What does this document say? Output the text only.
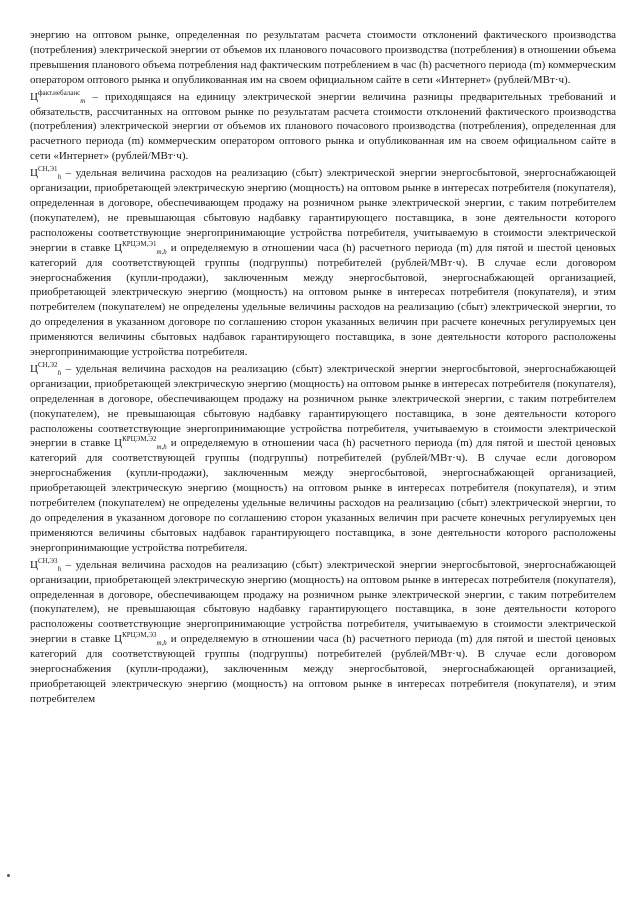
энергию на оптовом рынке, определенная по результатам расчета стоимости отклонений фактического производства (потребления) электрической энергии от объемов их планового почасового производства (потребления) в отношении объема превышения планового объема потребления над фактическим потреблением в час (h) расчетного периода (m) коммерческим оператором оптового рынка и опубликованная им на своем официальном сайте в сети «Интернет» (рублей/МВт·ч).

$Ц^{факт.небаланс}_m$ – приходящаяся на единицу электрической энергии величина разницы предварительных требований и обязательств, рассчитанных на оптовом рынке по результатам расчета стоимости отклонений фактического производства (потребления) электрической энергии от объемов их планового почасового производства (потребления), определенная для расчетного периода (m) коммерческим оператором оптового рынка и опубликованная им на своем официальном сайте в сети «Интернет» (рублей/МВт·ч).

$Ц^{СН,Э1}_h$ – удельная величина расходов на реализацию (сбыт) электрической энергии энергосбытовой, энергоснабжающей организации, приобретающей электрическую энергию (мощность) на оптовом рынке в интересах потребителя (покупателя), определенная в договоре, обеспечивающем продажу на розничном рынке электрической энергии, с таким потребителем (покупателем), не превышающая сбытовую надбавку гарантирующего поставщика, в зоне деятельности которого расположены соответствующие энергопринимающие устройства потребителя, учитываемую в стоимости электрической энергии в ставке $Ц^{КРЦЭМ,Э1}_{m,h}$ и определяемую в отношении часа (h) расчетного периода (m) для пятой и шестой ценовых категорий для соответствующей группы (подгруппы) потребителей (рублей/МВт·ч). В случае если договором энергоснабжения (купли-продажи), заключенным между энергосбытовой, энергоснабжающей организацией, приобретающей электрическую энергию (мощность) на оптовом рынке в интересах потребителя (покупателя), и этим потребителем (покупателем) не определены удельные величины расходов на реализацию (сбыт) электрической энергии, то до определения в указанном договоре по соглашению сторон указанных величин при расчете конечных регулируемых цен применяются величины сбытовых надбавок гарантирующего поставщика, в зоне деятельности которого расположены энергопринимающие устройства потребителя.

$Ц^{СН,Э2}_h$ – удельная величина расходов на реализацию (сбыт) электрической энергии энергосбытовой, энергоснабжающей организации, приобретающей электрическую энергию (мощность) на оптовом рынке в интересах потребителя (покупателя), определенная в договоре, обеспечивающем продажу на розничном рынке электрической энергии, с таким потребителем (покупателем), не превышающая сбытовую надбавку гарантирующего поставщика, в зоне деятельности которого расположены соответствующие энергопринимающие устройства потребителя, учитываемую в стоимости электрической энергии в ставке $Ц^{КРЦЭМ,Э2}_{m,h}$ и определяемую в отношении часа (h) расчетного периода (m) для пятой и шестой ценовых категорий для соответствующей группы (подгруппы) потребителей (рублей/МВт·ч). В случае если договором энергоснабжения (купли-продажи), заключенным между энергосбытовой, энергоснабжающей организацией, приобретающей электрическую энергию (мощность) на оптовом рынке в интересах потребителя (покупателя), и этим потребителем (покупателем) не определены удельные величины расходов на реализацию (сбыт) электрической энергии, то до определения в указанном договоре по соглашению сторон указанных величин при расчете конечных регулируемых цен применяются величины сбытовых надбавок гарантирующего поставщика, в зоне деятельности которого расположены энергопринимающие устройства потребителя.

$Ц^{СН,Э3}_h$ – удельная величина расходов на реализацию (сбыт) электрической энергии энергосбытовой, энергоснабжающей организации, приобретающей электрическую энергию (мощность) на оптовом рынке в интересах потребителя (покупателя), определенная в договоре, обеспечивающем продажу на розничном рынке электрической энергии, с таким потребителем (покупателем), не превышающая сбытовую надбавку гарантирующего поставщика, в зоне деятельности которого расположены соответствующие энергопринимающие устройства потребителя, учитываемую в стоимости электрической энергии в ставке $Ц^{КРЦЭМ,Э3}_{m,h}$ и определяемую в отношении часа (h) расчетного периода (m) для пятой и шестой ценовых категорий для соответствующей группы (подгруппы) потребителей (рублей/МВт·ч). В случае если договором энергоснабжения (купли-продажи), заключенным между энергосбытовой, энергоснабжающей организацией, приобретающей электрическую энергию (мощность) на оптовом рынке в интересах потребителя (покупателя), и этим потребителем
